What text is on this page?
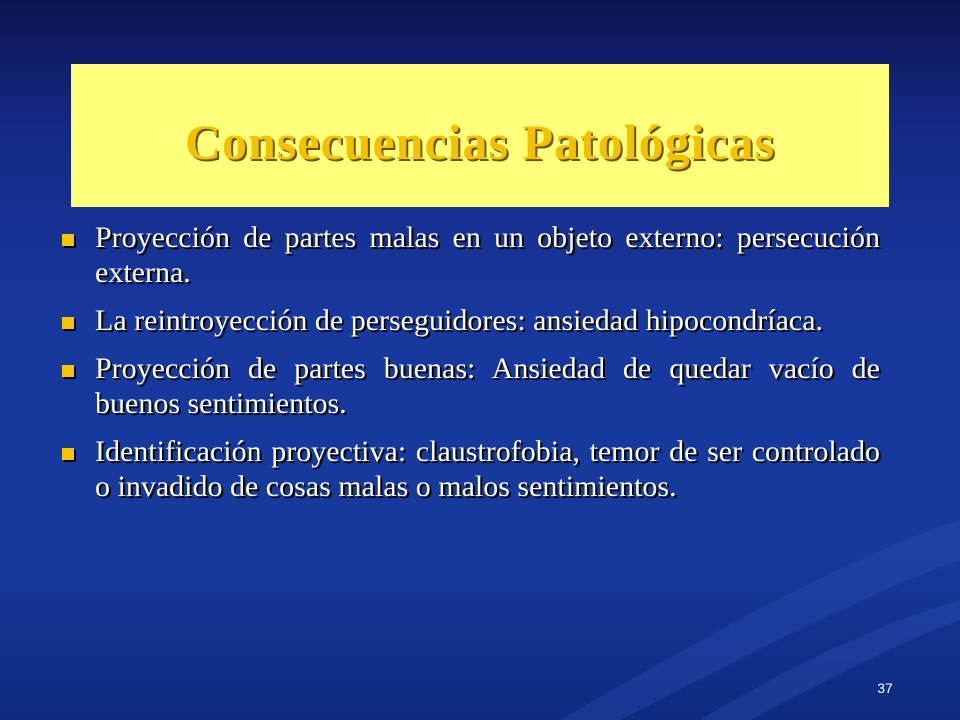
Consecuencias Patológicas
Proyección de partes malas en un objeto externo: persecución externa.
La reintroyección de perseguidores: ansiedad hipocondríaca.
Proyección de partes buenas: Ansiedad de quedar vacío de buenos sentimientos.
Identificación proyectiva: claustrofobia, temor de ser controlado o invadido de cosas malas o malos sentimientos.
37
